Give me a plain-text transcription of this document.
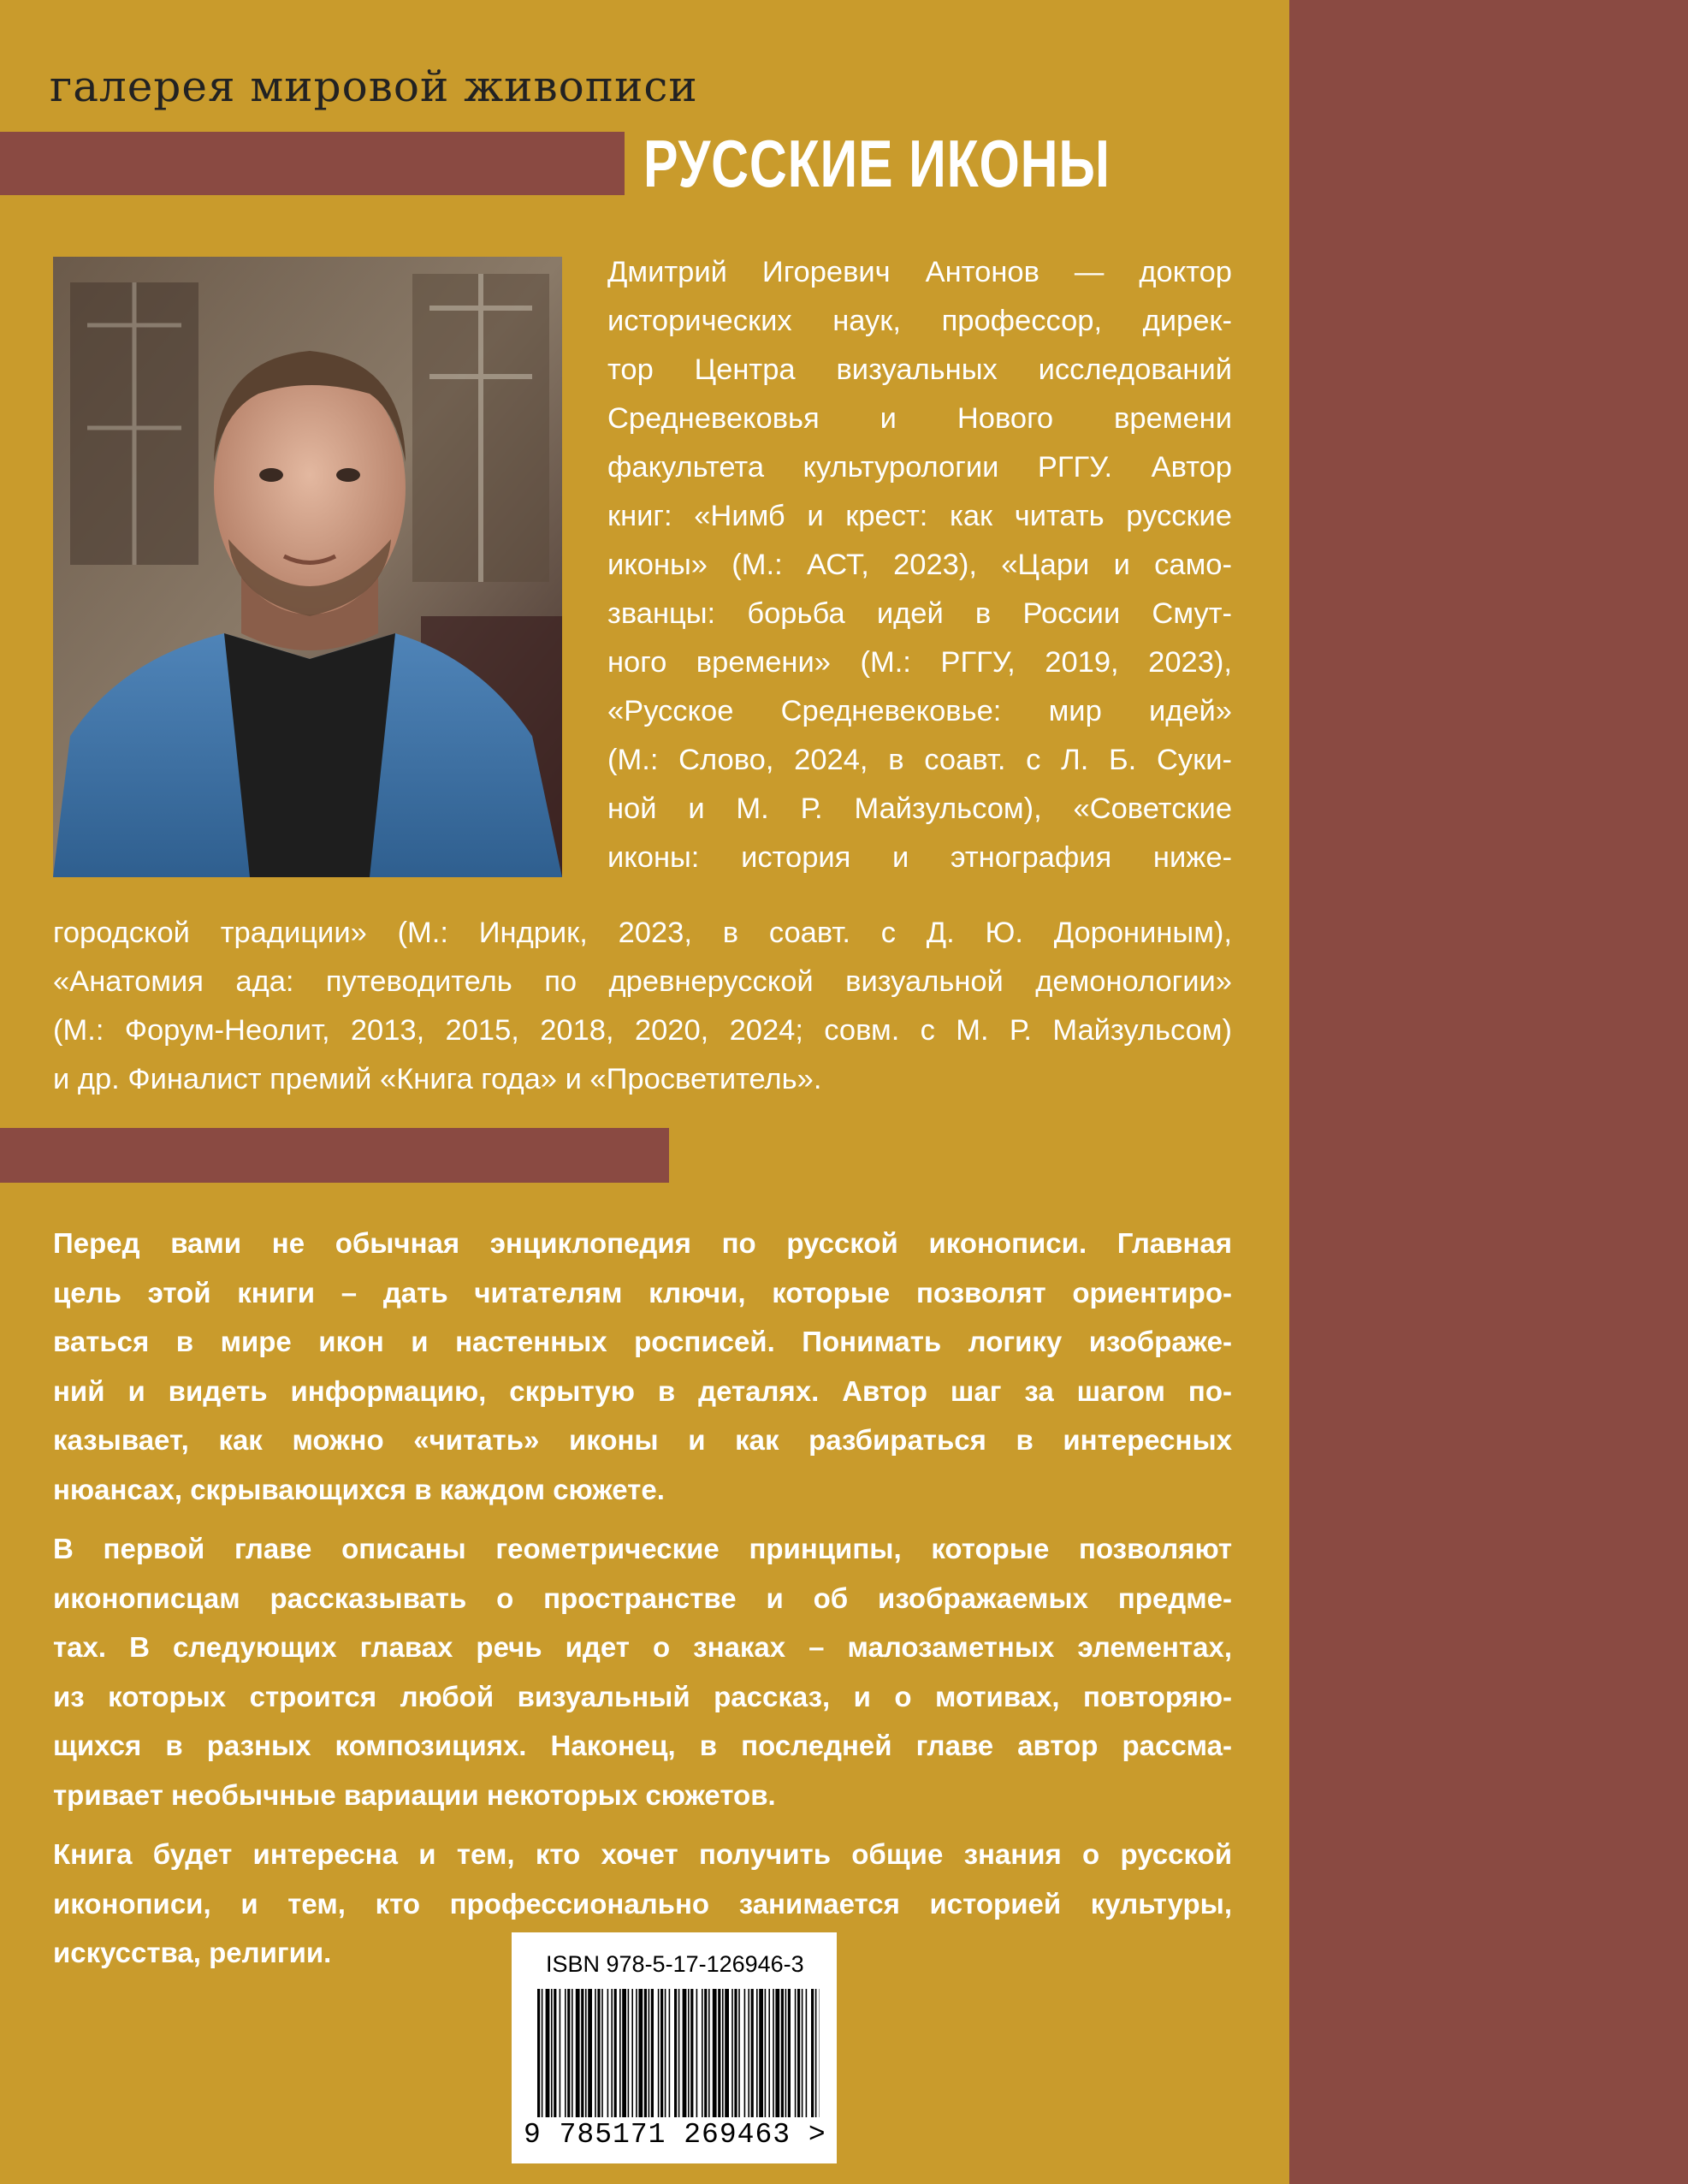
галерея мировой живописи
РУССКИЕ ИКОНЫ
Дмитрий Игоревич Антонов — доктор
исторических наук, профессор, дирек-
тор Центра визуальных исследований
Средневековья и Нового времени
факультета культурологии РГГУ. Автор
книг: «Нимб и крест: как читать русские
иконы» (М.: АСТ, 2023), «Цари и само-
званцы: борьба идей в России Смут-
ного времени» (М.: РГГУ, 2019, 2023),
«Русское Средневековье: мир идей»
(М.: Слово, 2024, в соавт. с Л. Б. Суки-
ной и М. Р. Майзульсом), «Советские
иконы: история и этнография ниже-
городской традиции» (М.: Индрик, 2023, в соавт. с Д. Ю. Дорониным),
«Анатомия ада: путеводитель по древнерусской визуальной демонологии»
(М.: Форум-Неолит, 2013, 2015, 2018, 2020, 2024; совм. с М. Р. Майзульсом)
и др. Финалист премий «Книга года» и «Просветитель».

Перед вами не обычная энциклопедия по русской иконописи. Главная
цель этой книги – дать читателям ключи, которые позволят ориентиро-
ваться в мире икон и настенных росписей. Понимать логику изображе-
ний и видеть информацию, скрытую в деталях. Автор шаг за шагом по-
казывает, как можно «читать» иконы и как разбираться в интересных
нюансах, скрывающихся в каждом сюжете.

В первой главе описаны геометрические принципы, которые позволяют
иконописцам рассказывать о пространстве и об изображаемых предме-
тах. В следующих главах речь идет о знаках – малозаметных элементах,
из которых строится любой визуальный рассказ, и о мотивах, повторяю-
щихся в разных композициях. Наконец, в последней главе автор рассма-
тривает необычные вариации некоторых сюжетов.

Книга будет интересна и тем, кто хочет получить общие знания о русской
иконописи, и тем, кто профессионально занимается историей культуры,
искусства, религии.	ISBN 978-5-17-126946-3
9 785171 269463 >
